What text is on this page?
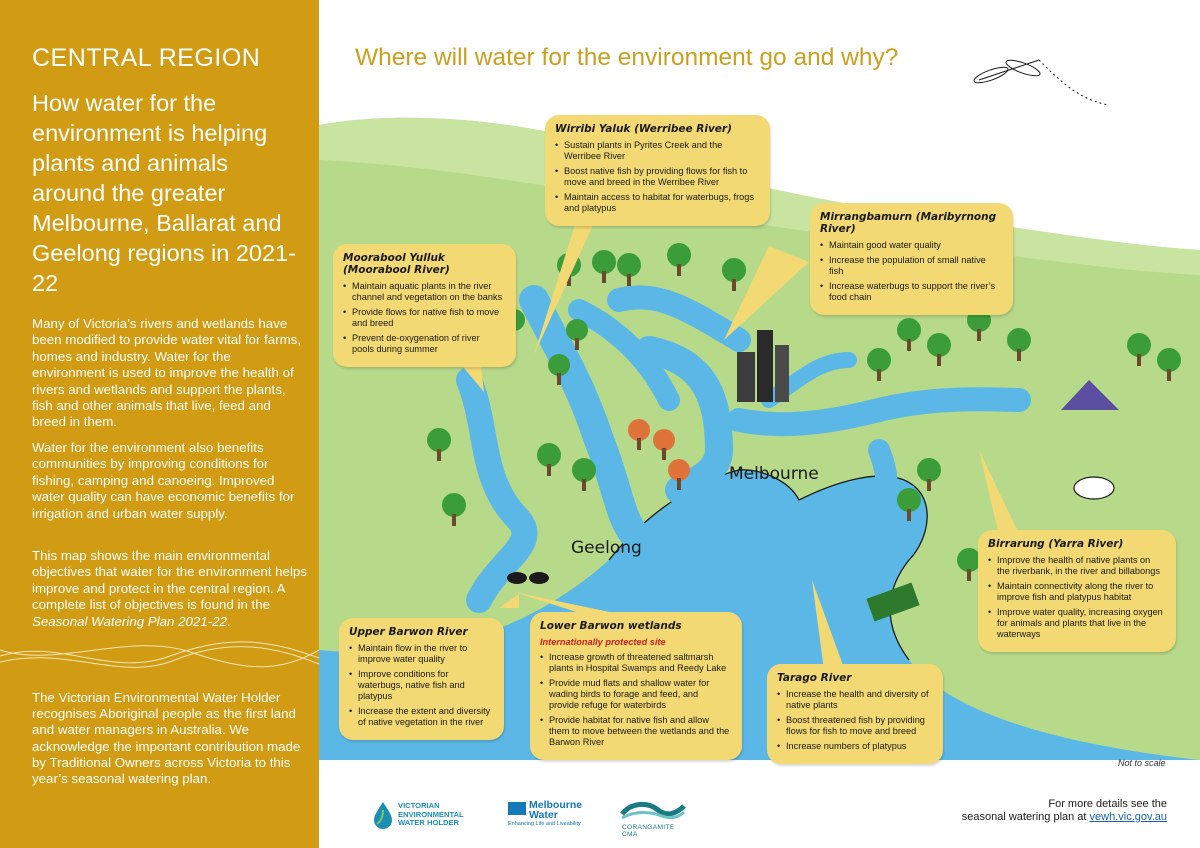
CENTRAL REGION
How water for the environment is helping plants and animals around the greater Melbourne, Ballarat and Geelong regions in 2021-22

Many of Victoria’s rivers and wetlands have been modified to provide water vital for farms, homes and industry. Water for the environment is used to improve the health of rivers and wetlands and support the plants, fish and other animals that live, feed and breed in them.

Water for the environment also benefits communities by improving conditions for fishing, camping and canoeing. Improved water quality can have economic benefits for irrigation and urban water supply.

This map shows the main environmental objectives that water for the environment helps improve and protect in the central region. A complete list of objectives is found in the Seasonal Watering Plan 2021-22.

The Victorian Environmental Water Holder recognises Aboriginal people as the first land and water managers in Australia. We acknowledge the important contribution made by Traditional Owners across Victoria to this year’s seasonal watering plan.

Where will water for the environment go and why?
Melbourne
Geelong
Wirribi Yaluk (Werribee River)
• Sustain plants in Pyrites Creek and the Werribee River
• Boost native fish by providing flows for fish to move and breed in the Werribee River
• Maintain access to habitat for waterbugs, frogs and platypus
Mirrangbamurn (Maribyrnong River)
• Maintain good water quality
• Increase the population of small native fish
• Increase waterbugs to support the river’s food chain
Moorabool Yulluk (Moorabool River)
• Maintain aquatic plants in the river channel and vegetation on the banks
• Provide flows for native fish to move and breed
• Prevent de-oxygenation of river pools during summer
Upper Barwon River
• Maintain flow in the river to improve water quality
• Improve conditions for waterbugs, native fish and platypus
• Increase the extent and diversity of native vegetation in the river
Lower Barwon wetlands
Internationally protected site
• Increase growth of threatened saltmarsh plants in Hospital Swamps and Reedy Lake
• Provide mud flats and shallow water for wading birds to forage and feed, and provide refuge for waterbirds
• Provide habitat for native fish and allow them to move between the wetlands and the Barwon River
Tarago River
• Increase the health and diversity of native plants
• Boost threatened fish by providing flows for fish to move and breed
• Increase numbers of platypus
Birrarung (Yarra River)
• Improve the health of native plants on the riverbank, in the river and billabongs
• Maintain connectivity along the river to improve fish and platypus habitat
• Improve water quality, increasing oxygen for animals and plants that live in the waterways
Not to scale
VICTORIAN ENVIRONMENTAL WATER HOLDER
Melbourne Water
Enhancing Life and Liveability	CORANGAMITE CMA
For more details see the
seasonal watering plan at vewh.vic.gov.au
